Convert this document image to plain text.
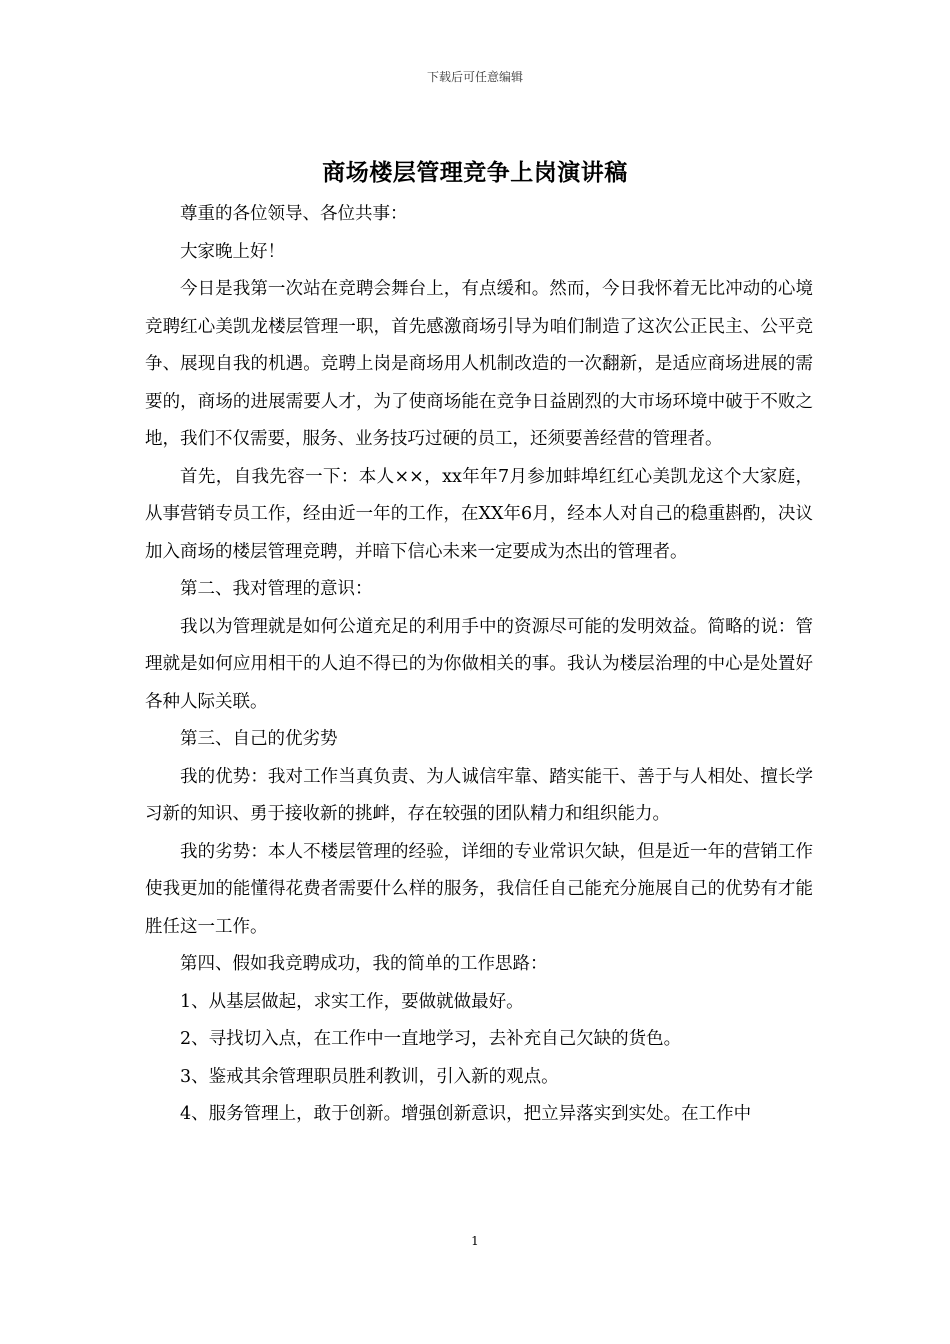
下载后可任意编辑
商场楼层管理竞争上岗演讲稿

尊重的各位领导、各位共事：

大家晚上好！

今日是我第一次站在竞聘会舞台上，有点缓和。然而，今日我怀着无比冲动的心境竞聘红心美凯龙楼层管理一职，首先感激商场引导为咱们制造了这次公正民主、公平竞争、展现自我的机遇。竞聘上岗是商场用人机制改造的一次翻新，是适应商场进展的需要的，商场的进展需要人才，为了使商场能在竞争日益剧烈的大市场环境中破于不败之地，我们不仅需要，服务、业务技巧过硬的员工，还须要善经营的管理者。

首先，自我先容一下：本人××，xx年年7月参加蚌埠红红心美凯龙这个大家庭，从事营销专员工作，经由近一年的工作，在XX年6月，经本人对自己的稳重斟酌，决议加入商场的楼层管理竞聘，并暗下信心未来一定要成为杰出的管理者。

第二、我对管理的意识：

我以为管理就是如何公道充足的利用手中的资源尽可能的发明效益。简略的说：管理就是如何应用相干的人迫不得已的为你做相关的事。我认为楼层治理的中心是处置好各种人际关联。

第三、自己的优劣势

我的优势：我对工作当真负责、为人诚信牢靠、踏实能干、善于与人相处、擅长学习新的知识、勇于接收新的挑衅，存在较强的团队精力和组织能力。

我的劣势：本人不楼层管理的经验，详细的专业常识欠缺，但是近一年的营销工作使我更加的能懂得花费者需要什么样的服务，我信任自己能充分施展自己的优势有才能胜任这一工作。

第四、假如我竞聘成功，我的简单的工作思路：

1、从基层做起，求实工作，要做就做最好。

2、寻找切入点，在工作中一直地学习，去补充自己欠缺的货色。

3、鉴戒其余管理职员胜利教训，引入新的观点。

4、服务管理上，敢于创新。增强创新意识，把立异落实到实处。在工作中

1
